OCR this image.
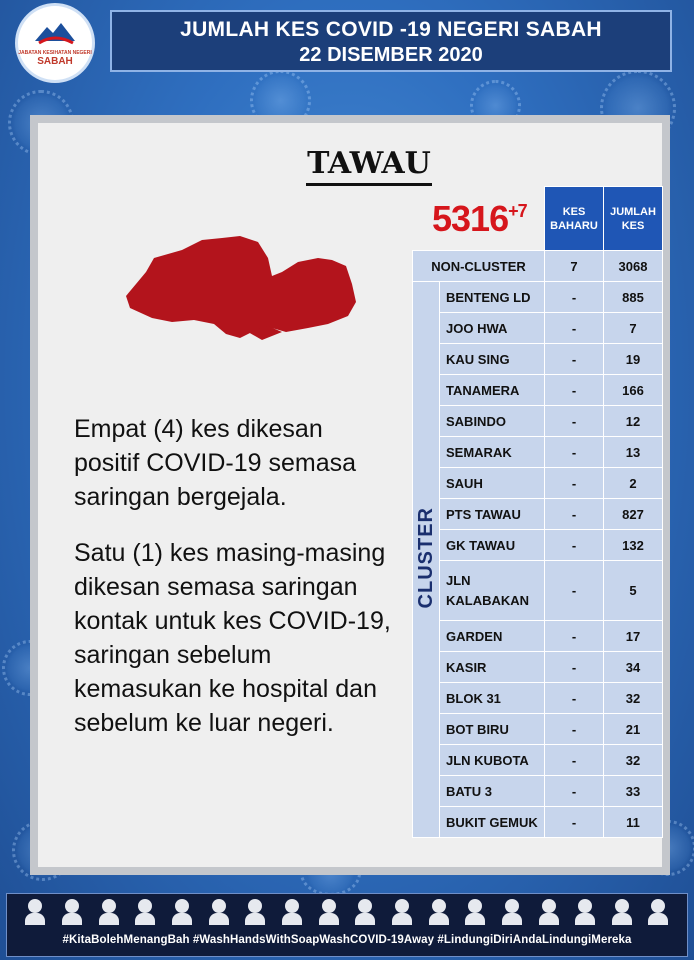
JABATAN KESIHATAN NEGERI
SABAH
JUMLAH KES COVID -19 NEGERI SABAH
22 DISEMBER 2020
TAWAU
$5316^{+7}$
Empat (4) kes dikesan
positif COVID-19 semasa
saringan bergejala.
Satu (1) kes masing-masing
dikesan semasa saringan
kontak untuk kes COVID-19,
saringan sebelum
kemasukan ke hospital dan
sebelum ke luar negeri.
		KES BAHARU	JUMLAH KES
NON-CLUSTER		7	3068
CLUSTER	BENTENG LD	-	885
	JOO HWA	-	7
	KAU SING	-	19
	TANAMERA	-	166
	SABINDO	-	12
	SEMARAK	-	13
	SAUH	-	2
	PTS TAWAU	-	827
	GK TAWAU	-	132
	JLN KALABAKAN	-	5
	GARDEN	-	17
	KASIR	-	34
	BLOK 31	-	32
	BOT BIRU	-	21
	JLN KUBOTA	-	32
	BATU 3	-	33
	BUKIT GEMUK	-	11
#KitaBolehMenangBah #WashHandsWithSoapWashCOVID-19Away #LindungiDiriAndaLindungiMereka
